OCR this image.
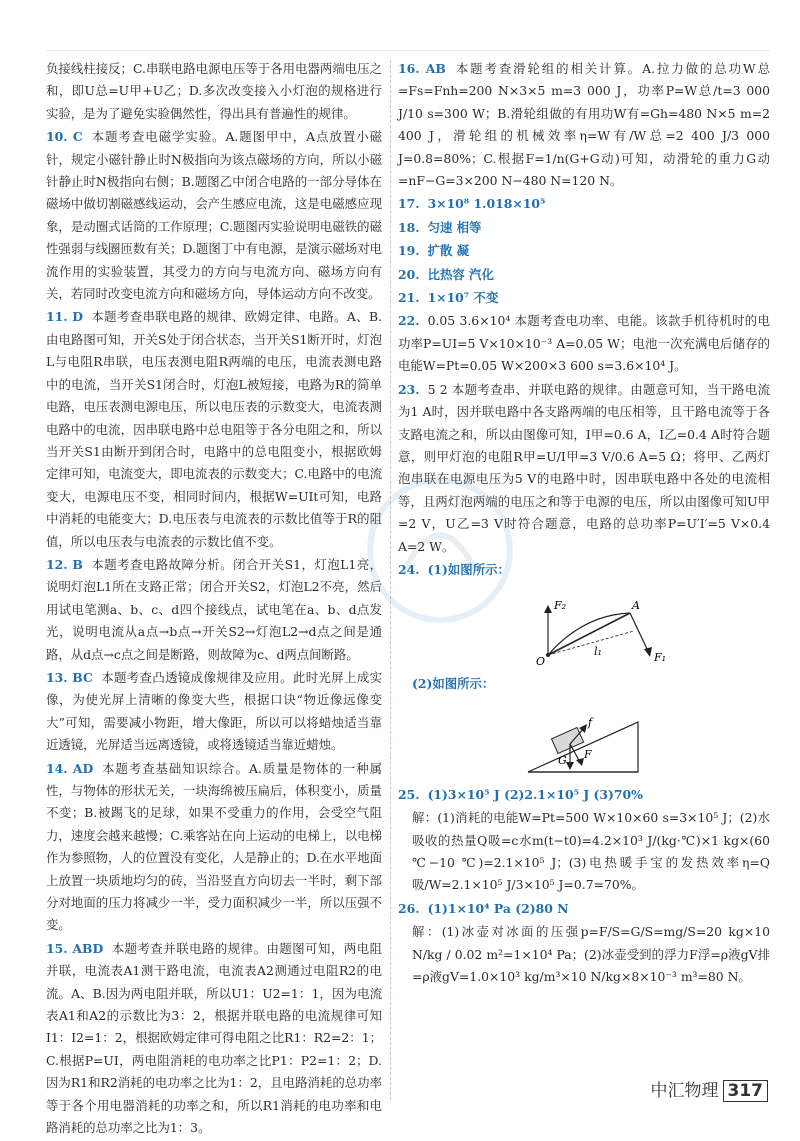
负接线柱接反；C.串联电路电源电压等于各用电器两端电压之和，即U总=U甲+U乙；D.多次改变接入小灯泡的规格进行实验，是为了避免实验偶然性，得出具有普遍性的规律。

10. C 本题考查电磁学实验。A.题图甲中，A点放置小磁针，规定小磁针静止时N极指向为该点磁场的方向，所以小磁针静止时N极指向右侧；B.题图乙中闭合电路的一部分导体在磁场中做切割磁感线运动，会产生感应电流，这是电磁感应现象，是动圈式话筒的工作原理；C.题图丙实验说明电磁铁的磁性强弱与线圈匝数有关；D.题图丁中有电源，是演示磁场对电流作用的实验装置，其受力的方向与电流方向、磁场方向有关，若同时改变电流方向和磁场方向，导体运动方向不改变。

11. D 本题考查串联电路的规律、欧姆定律、电路。A、B.由电路图可知，开关S处于闭合状态，当开关S1断开时，灯泡L与电阻R串联，电压表测电阻R两端的电压，电流表测电路中的电流，当开关S1闭合时，灯泡L被短接，电路为R的简单电路，电压表测电源电压，所以电压表的示数变大，电流表测电路中的电流，因串联电路中总电阻等于各分电阻之和，所以当开关S1由断开到闭合时，电路中的总电阻变小，根据欧姆定律可知，电流变大，即电流表的示数变大；C.电路中的电流变大，电源电压不变，相同时间内，根据W=UIt可知，电路中消耗的电能变大；D.电压表与电流表的示数比值等于R的阻值，所以电压表与电流表的示数比值不变。

12. B 本题考查电路故障分析。闭合开关S1，灯泡L1亮，说明灯泡L1所在支路正常；闭合开关S2，灯泡L2不亮，然后用试电笔测a、b、c、d四个接线点，试电笔在a、b、d点发光，说明电流从a点→b点→开关S2→灯泡L2→d点之间是通路，从d点→c点之间是断路，则故障为c、d两点间断路。

13. BC 本题考查凸透镜成像规律及应用。此时光屏上成实像，为使光屏上清晰的像变大些，根据口诀“物近像远像变大”可知，需要减小物距，增大像距，所以可以将蜡烛适当靠近透镜，光屏适当远离透镜，或将透镜适当靠近蜡烛。

14. AD 本题考查基础知识综合。A.质量是物体的一种属性，与物体的形状无关，一块海绵被压扁后，体积变小，质量不变；B.被踢飞的足球，如果不受重力的作用，会受空气阻力，速度会越来越慢；C.乘客站在向上运动的电梯上，以电梯作为参照物，人的位置没有变化，人是静止的；D.在水平地面上放置一块质地均匀的砖，当沿竖直方向切去一半时，剩下部分对地面的压力将减少一半，受力面积减少一半，所以压强不变。

15. ABD 本题考查并联电路的规律。由题图可知，两电阻并联，电流表A1测干路电流，电流表A2测通过电阻R2的电流。A、B.因为两电阻并联，所以U1：U2=1：1，因为电流表A1和A2的示数比为3：2，根据并联电路的电流规律可知I1：I2=1：2，根据欧姆定律可得电阻之比R1：R2=2：1；C.根据P=UI，两电阻消耗的电功率之比P1：P2=1：2；D.因为R1和R2消耗的电功率之比为1：2，且电路消耗的总功率等于各个用电器消耗的功率之和，所以R1消耗的电功率和电路消耗的总功率之比为1：3。

16. AB 本题考查滑轮组的相关计算。A.拉力做的总功W总=Fs=Fnh=200 N×3×5 m=3 000 J，功率P=W总/t=3 000 J/10 s=300 W；B.滑轮组做的有用功W有=Gh=480 N×5 m=2 400 J，滑轮组的机械效率η=W有/W总=2 400 J/3 000 J=0.8=80%；C.根据F=1/n(G+G动)可知，动滑轮的重力G动=nF−G=3×200 N−480 N=120 N。

17. 3×10⁸ 1.018×10⁵

18. 匀速 相等

19. 扩散 凝

20. 比热容 汽化

21. 1×10⁷ 不变

22. 0.05 3.6×10⁴ 本题考查电功率、电能。该款手机待机时的电功率P=UI=5 V×10×10⁻³ A=0.05 W；电池一次充满电后储存的电能W=Pt=0.05 W×200×3 600 s=3.6×10⁴ J。

23. 5 2 本题考查串、并联电路的规律。由题意可知，当干路电流为1 A时，因并联电路中各支路两端的电压相等，且干路电流等于各支路电流之和，所以由图像可知，I甲=0.6 A，I乙=0.4 A时符合题意，则甲灯泡的电阻R甲=U/I甲=3 V/0.6 A=5 Ω；将甲、乙两灯泡串联在电源电压为5 V的电路中时，因串联电路中各处的电流相等，且两灯泡两端的电压之和等于电源的电压，所以由图像可知U甲=2 V，U乙=3 V时符合题意，电路的总功率P=U′I′=5 V×0.4 A=2 W。

24. (1)如图所示：

F₂	A
O
l₁	F₁

(2)如图所示：

f
G F

25. (1)3×10⁵ J (2)2.1×10⁵ J (3)70%

解：(1)消耗的电能W=Pt=500 W×10×60 s=3×10⁵ J；(2)水吸收的热量Q吸=c水m(t−t0)=4.2×10³ J/(kg·℃)×1 kg×(60 ℃−10 ℃)=2.1×10⁵ J；(3)电热暖手宝的发热效率η=Q吸/W=2.1×10⁵ J/3×10⁵ J=0.7=70%。

26. (1)1×10⁴ Pa (2)80 N

解：(1)冰壶对冰面的压强p=F/S=G/S=mg/S=20 kg×10 N/kg / 0.02 m²=1×10⁴ Pa；(2)冰壶受到的浮力F浮=ρ液gV排=ρ液gV=1.0×10³ kg/m³×10 N/kg×8×10⁻³ m³=80 N。

中汇物理 317
